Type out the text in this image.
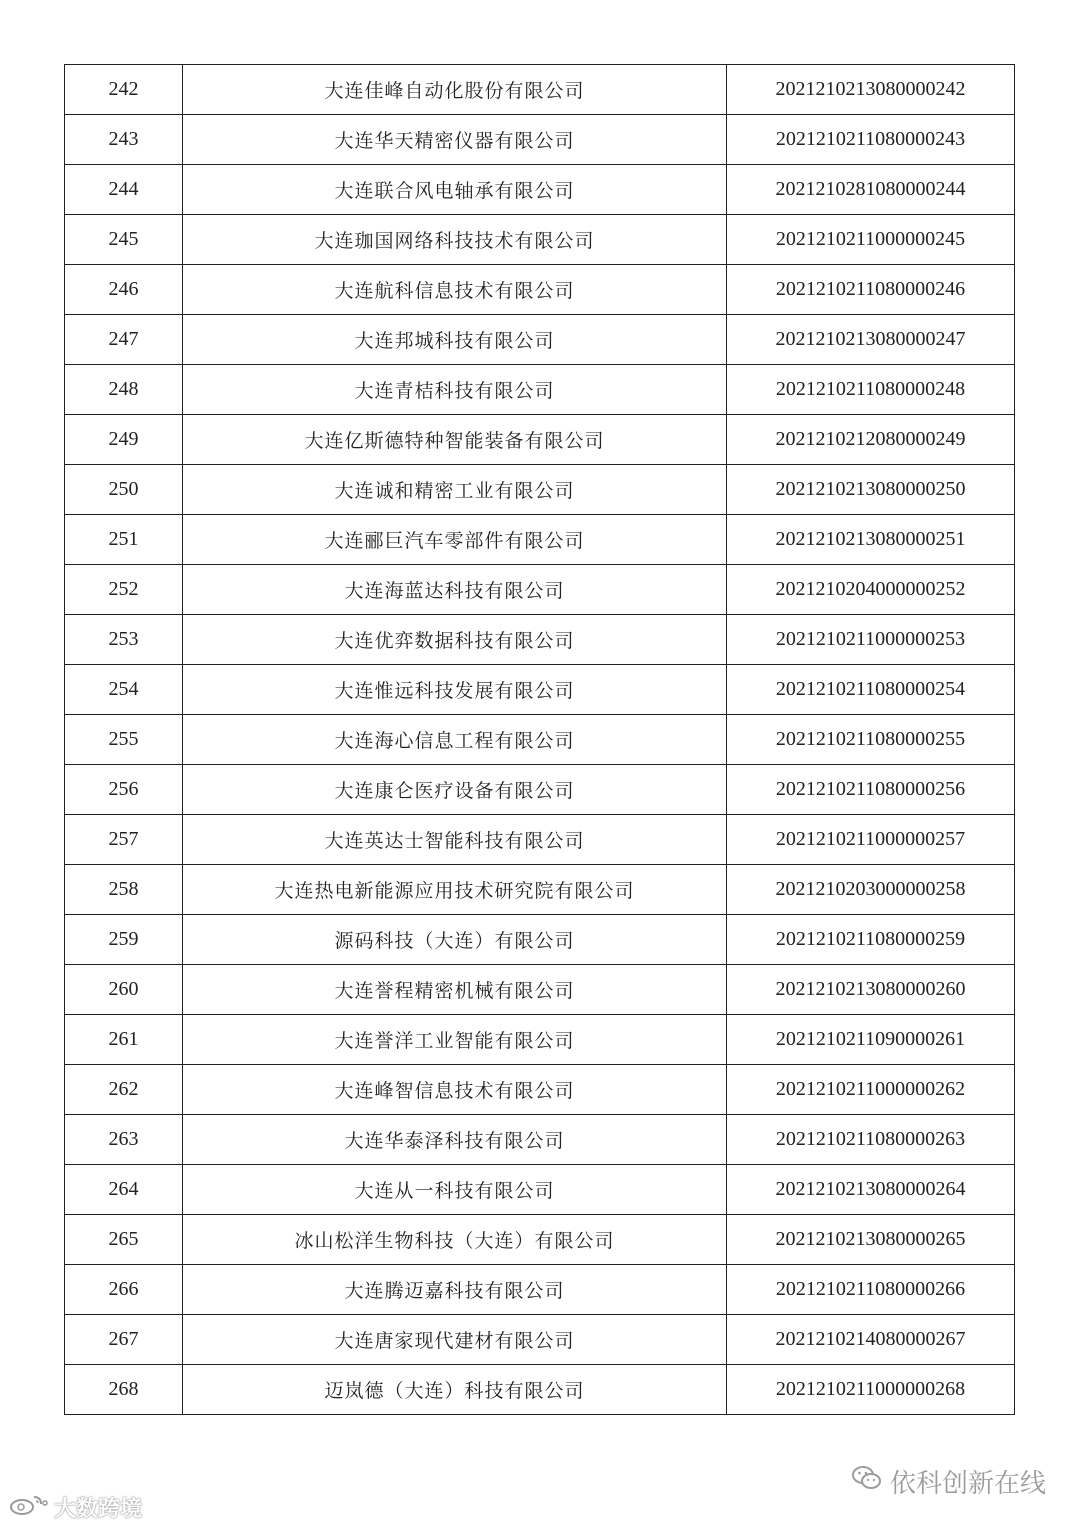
242	大连佳峰自动化股份有限公司	2021210213080000242
243	大连华天精密仪器有限公司	2021210211080000243
244	大连联合风电轴承有限公司	2021210281080000244
245	大连珈国网络科技技术有限公司	2021210211000000245
246	大连航科信息技术有限公司	2021210211080000246
247	大连邦城科技有限公司	2021210213080000247
248	大连青桔科技有限公司	2021210211080000248
249	大连亿斯德特种智能装备有限公司	2021210212080000249
250	大连诚和精密工业有限公司	2021210213080000250
251	大连郦巨汽车零部件有限公司	2021210213080000251
252	大连海蓝达科技有限公司	2021210204000000252
253	大连优弈数据科技有限公司	2021210211000000253
254	大连惟远科技发展有限公司	2021210211080000254
255	大连海心信息工程有限公司	2021210211080000255
256	大连康仑医疗设备有限公司	2021210211080000256
257	大连英达士智能科技有限公司	2021210211000000257
258	大连热电新能源应用技术研究院有限公司	2021210203000000258
259	源码科技（大连）有限公司	2021210211080000259
260	大连誉程精密机械有限公司	2021210213080000260
261	大连誉洋工业智能有限公司	2021210211090000261
262	大连峰智信息技术有限公司	2021210211000000262
263	大连华泰泽科技有限公司	2021210211080000263
264	大连从一科技有限公司	2021210213080000264
265	冰山松洋生物科技（大连）有限公司	2021210213080000265
266	大连腾迈嘉科技有限公司	2021210211080000266
267	大连唐家现代建材有限公司	2021210214080000267
268	迈岚德（大连）科技有限公司	2021210211000000268
依科创新在线
大数跨境
